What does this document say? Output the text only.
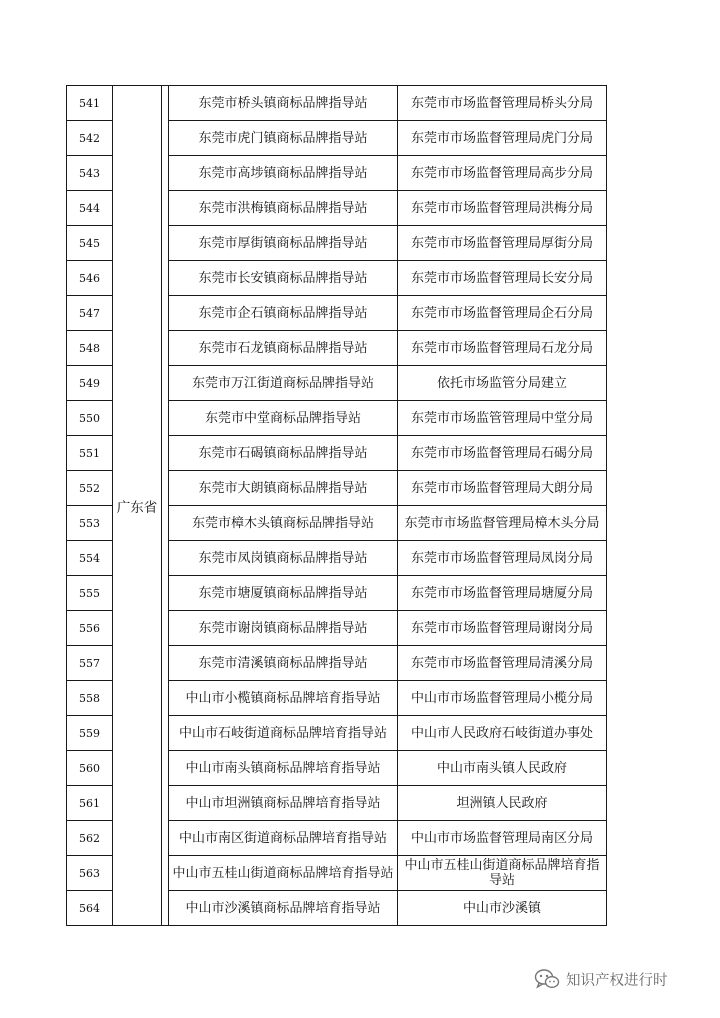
541	广东省		东莞市桥头镇商标品牌指导站	东莞市市场监督管理局桥头分局
542			东莞市虎门镇商标品牌指导站	东莞市市场监督管理局虎门分局
543			东莞市高埗镇商标品牌指导站	东莞市市场监督管理局高步分局
544			东莞市洪梅镇商标品牌指导站	东莞市市场监督管理局洪梅分局
545			东莞市厚街镇商标品牌指导站	东莞市市场监督管理局厚街分局
546			东莞市长安镇商标品牌指导站	东莞市市场监督管理局长安分局
547			东莞市企石镇商标品牌指导站	东莞市市场监督管理局企石分局
548			东莞市石龙镇商标品牌指导站	东莞市市场监督管理局石龙分局
549			东莞市万江街道商标品牌指导站	依托市场监管分局建立
550			东莞市中堂商标品牌指导站	东莞市市场监管管理局中堂分局
551			东莞市石碣镇商标品牌指导站	东莞市市场监督管理局石碣分局
552			东莞市大朗镇商标品牌指导站	东莞市市场监督管理局大朗分局
553			东莞市樟木头镇商标品牌指导站	东莞市市场监督管理局樟木头分局
554			东莞市凤岗镇商标品牌指导站	东莞市市场监督管理局凤岗分局
555			东莞市塘厦镇商标品牌指导站	东莞市市场监督管理局塘厦分局
556			东莞市谢岗镇商标品牌指导站	东莞市市场监督管理局谢岗分局
557			东莞市清溪镇商标品牌指导站	东莞市市场监督管理局清溪分局
558			中山市小榄镇商标品牌培育指导站	中山市市场监督管理局小榄分局
559			中山市石岐街道商标品牌培育指导站	中山市人民政府石岐街道办事处
560			中山市南头镇商标品牌培育指导站	中山市南头镇人民政府
561			中山市坦洲镇商标品牌培育指导站	坦洲镇人民政府
562			中山市南区街道商标品牌培育指导站	中山市市场监督管理局南区分局
563			中山市五桂山街道商标品牌培育指导站	中山市五桂山街道商标品牌培育指 导站
564			中山市沙溪镇商标品牌培育指导站	中山市沙溪镇
知识产权进行时
